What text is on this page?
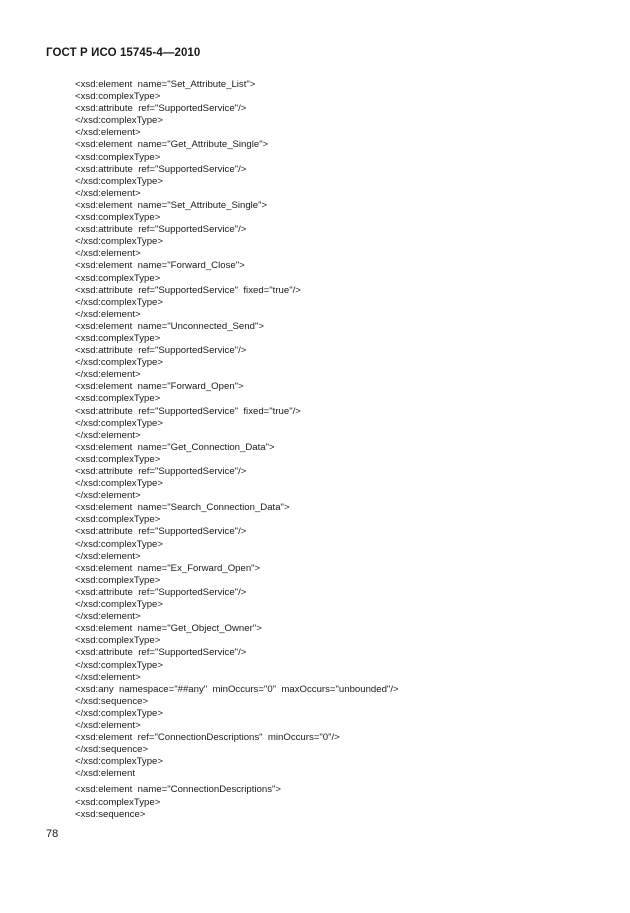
ГОСТ Р ИСО 15745-4—2010
<xsd:element  name="Set_Attribute_List">
<xsd:complexType>
<xsd:attribute  ref="SupportedService"/>
</xsd:complexType>
</xsd:element>
<xsd:element  name="Get_Attribute_Single">
<xsd:complexType>
<xsd:attribute  ref="SupportedService"/>
</xsd:complexType>
</xsd:element>
<xsd:element  name="Set_Attribute_Single">
<xsd:complexType>
<xsd:attribute  ref="SupportedService"/>
</xsd:complexType>
</xsd:element>
<xsd:element  name="Forward_Close">
<xsd:complexType>
<xsd:attribute  ref="SupportedService"  fixed="true"/>
</xsd:complexType>
</xsd:element>
<xsd:element  name="Unconnected_Send">
<xsd:complexType>
<xsd:attribute  ref="SupportedService"/>
</xsd:complexType>
</xsd:element>
<xsd:element  name="Forward_Open">
<xsd:complexType>
<xsd:attribute  ref="SupportedService"  fixed="true"/>
</xsd:complexType>
</xsd:element>
<xsd:element  name="Get_Connection_Data">
<xsd:complexType>
<xsd:attribute  ref="SupportedService"/>
</xsd:complexType>
</xsd:element>
<xsd:element  name="Search_Connection_Data">
<xsd:complexType>
<xsd:attribute  ref="SupportedService"/>
</xsd:complexType>
</xsd:element>
<xsd:element  name="Ex_Forward_Open">
<xsd:complexType>
<xsd:attribute  ref="SupportedService"/>
</xsd:complexType>
</xsd:element>
<xsd:element  name="Get_Object_Owner">
<xsd:complexType>
<xsd:attribute  ref="SupportedService"/>
</xsd:complexType>
</xsd:element>
<xsd:any  namespace="##any"  minOccurs="0"  maxOccurs="unbounded"/>
</xsd:sequence>
</xsd:complexType>
</xsd:element>
<xsd:element  ref="ConnectionDescriptions"  minOccurs="0"/>
</xsd:sequence>
</xsd:complexType>
</xsd:element
<xsd:element  name="ConnectionDescriptions">
<xsd:complexType>
<xsd:sequence>
78
